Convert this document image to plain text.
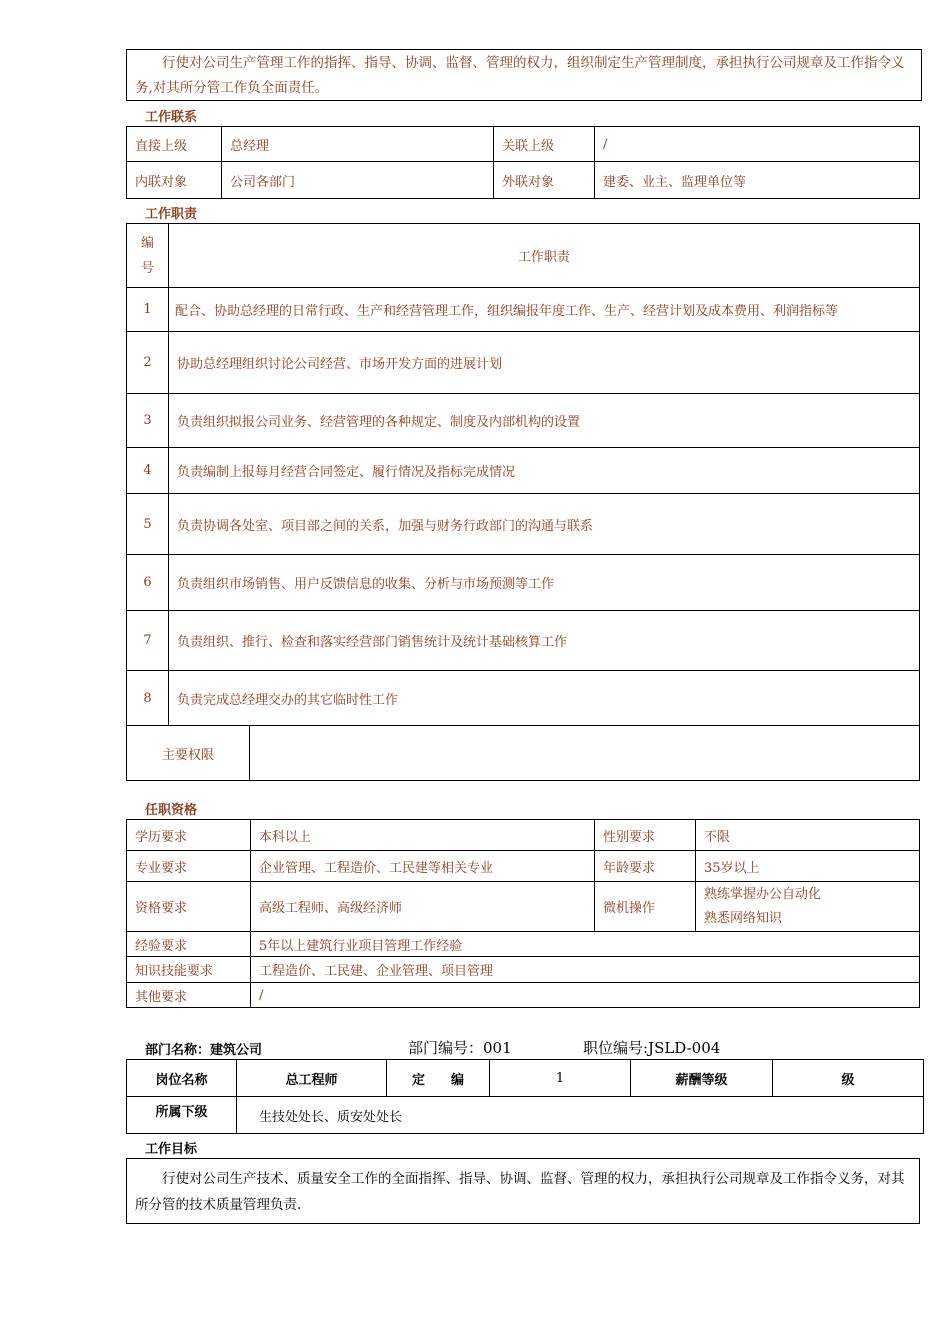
行使对公司生产管理工作的指挥、指导、协调、监督、管理的权力，组织制定生产管理制度，承担执行公司规章及工作指令义务,对其所分管工作负全面责任。
工作联系
直接上级	总经理	关联上级	/
内联对象	公司各部门	外联对象	建委、业主、监理单位等
工作职责
编
号	工作职责	
1	配合、协助总经理的日常行政、生产和经营管理工作，组织编报年度工作、生产、经营计划及成本费用、利润指标等	
2	协助总经理组织讨论公司经营、市场开发方面的进展计划	
3	负责组织拟报公司业务、经营管理的各种规定、制度及内部机构的设置	
4	负责编制上报每月经营合同签定、履行情况及指标完成情况	
5	负责协调各处室、项目部之间的关系，加强与财务行政部门的沟通与联系	
6	负责组织市场销售、用户反馈信息的收集、分析与市场预测等工作	
7	负责组织、推行、检查和落实经营部门销售统计及统计基础核算工作	
8	负责完成总经理交办的其它临时性工作	
主要权限		
任职资格
学历要求	本科以上	性别要求	不限
专业要求	企业管理、工程造价、工民建等相关专业	年龄要求	35岁以上
资格要求	高级工程师、高级经济师	微机操作	熟练掌握办公自动化
熟悉网络知识
经验要求	5年以上建筑行业项目管理工作经验		
知识技能要求	工程造价、工民建、企业管理、项目管理		
其他要求	/		
部门名称：建筑公司	部门编号：001	职位编号:JSLD-004
岗位名称	总工程师	定　　编	1	薪酬等级	级
所属下级	生技处处长、质安处处长				
工作目标
行使对公司生产技术、质量安全工作的全面指挥、指导、协调、监督、管理的权力，承担执行公司规章及工作指令义务，对其所分管的技术质量管理负责.
